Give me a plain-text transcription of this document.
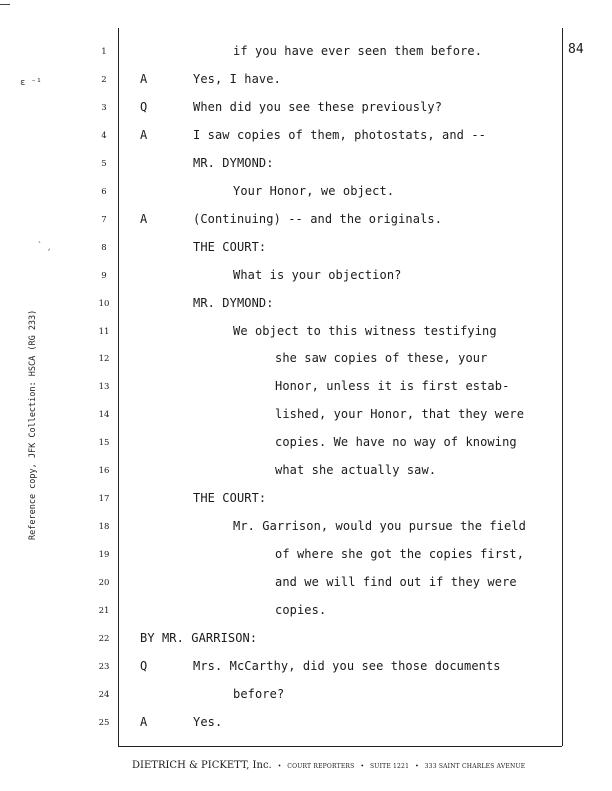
84
ɛ ⁻¹
ˋ ˏ
Reference copy, JFK Collection: HSCA (RG 233)
1	if you have ever seen them before.
2	A	Yes, I have.
3	Q	When did you see these previously?
4	A	I saw copies of them, photostats, and --
5	MR. DYMOND:
6	Your Honor, we object.
7	A	(Continuing) -- and the originals.
8	THE COURT:
9	What is your objection?
10	MR. DYMOND:
11	We object to this witness testifying
12	she saw copies of these, your
13	Honor, unless it is first estab-
14	lished, your Honor, that they were
15	copies. We have no way of knowing
16	what she actually saw.
17	THE COURT:
18	Mr. Garrison, would you pursue the field
19	of where she got the copies first,
20	and we will find out if they were
21	copies.
22	BY MR. GARRISON:
23	Q	Mrs. McCarthy, did you see those documents
24	before?
25	A	Yes.
DIETRICH & PICKETT, Inc. • COURT REPORTERS • SUITE 1221 • 333 SAINT CHARLES AVENUE
